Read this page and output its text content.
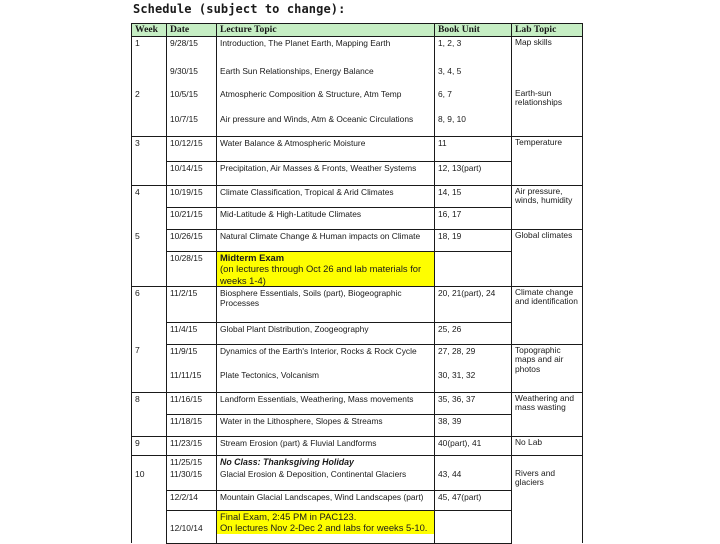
Schedule (subject to change):
Week	Date	Lecture Topic	Book Unit	Lab Topic
1	9/28/15	Introduction, The Planet Earth, Mapping Earth	1, 2, 3	Map skills
	9/30/15	Earth Sun Relationships, Energy Balance	3, 4, 5	
2	10/5/15	Atmospheric Composition & Structure, Atm Temp	6, 7	Earth-sun relationships
	10/7/15	Air pressure and Winds, Atm & Oceanic Circulations	8, 9, 10	
3	10/12/15	Water Balance & Atmospheric Moisture	11	Temperature
	10/14/15	Precipitation, Air Masses & Fronts, Weather Systems	12, 13(part)	
4	10/19/15	Climate Classification, Tropical & Arid Climates	14, 15	Air pressure, winds, humidity
	10/21/15	Mid-Latitude & High-Latitude Climates	16, 17	
5	10/26/15	Natural Climate Change & Human impacts on Climate	18, 19	Global climates
	10/28/15	Midterm Exam
(on lectures through Oct 26 and lab materials for weeks 1-4)		

6	11/2/15	Biosphere Essentials, Soils (part), Biogeographic Processes	20, 21(part), 24	Climate change and identification
	11/4/15	Global Plant Distribution, Zoogeography	25, 26	
7	11/9/15	Dynamics of the Earth's Interior, Rocks & Rock Cycle	27, 28, 29	Topographic maps and air photos
	11/11/15	Plate Tectonics, Volcanism	30, 31, 32	
8	11/16/15	Landform Essentials, Weathering, Mass movements	35, 36, 37	Weathering and mass wasting
	11/18/15	Water in the Lithosphere, Slopes & Streams	38, 39	
9	11/23/15	Stream Erosion (part) & Fluvial Landforms	40(part), 41	No Lab
10	11/25/15	No Class: Thanksgiving Holiday		Rivers and glaciers
	11/30/15	Glacial Erosion & Deposition, Continental Glaciers	43, 44	
	12/2/14	Mountain Glacial Landscapes, Wind Landscapes (part)	45, 47(part)	
	12/10/14	Final Exam, 2:45 PM in PAC123.
On lectures Nov 2-Dec 2 and labs for weeks 5-10.		
